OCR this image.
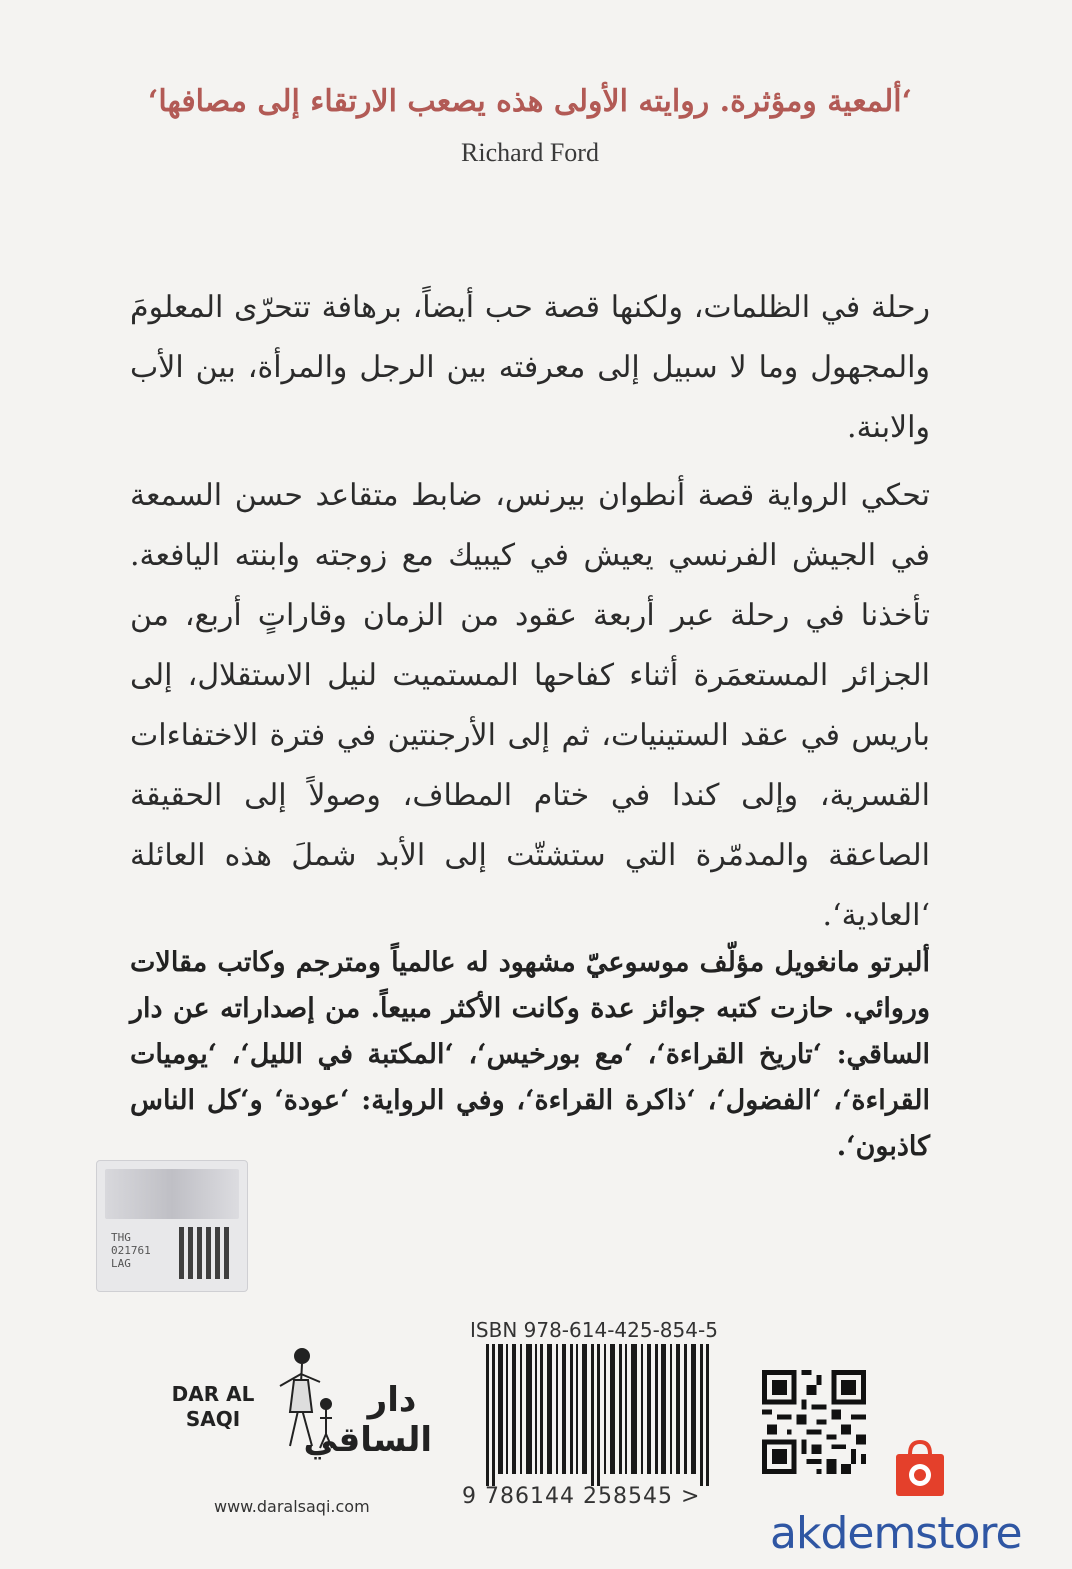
‘ألمعية ومؤثرة. روايته الأولى هذه يصعب الارتقاء إلى مصافها‘
Richard Ford
رحلة في الظلمات، ولكنها قصة حب أيضاً، برهافة تتحرّى المعلومَ والمجهول وما لا سبيل إلى معرفته بين الرجل والمرأة، بين الأب والابنة.
تحكي الرواية قصة أنطوان بيرنس، ضابط متقاعد حسن السمعة في الجيش الفرنسي يعيش في كيبيك مع زوجته وابنته اليافعة. تأخذنا في رحلة عبر أربعة عقود من الزمان وقاراتٍ أربع، من الجزائر المستعمَرة أثناء كفاحها المستميت لنيل الاستقلال، إلى باريس في عقد الستينيات، ثم إلى الأرجنتين في فترة الاختفاءات القسرية، وإلى كندا في ختام المطاف، وصولاً إلى الحقيقة الصاعقة والمدمّرة التي ستشتّت إلى الأبد شملَ هذه العائلة ‘العادية‘.
ألبرتو مانغويل مؤلّف موسوعيّ مشهود له عالمياً ومترجم وكاتب مقالات وروائي. حازت كتبه جوائز عدة وكانت الأكثر مبيعاً. من إصداراته عن دار الساقي: ‘تاريخ القراءة‘، ‘مع بورخيس‘، ‘المكتبة في الليل‘، ‘يوميات القراءة‘، ‘الفضول‘، ‘ذاكرة القراءة‘، وفي الرواية: ‘عودة‘ و‘كل الناس كاذبون‘.
THG 021761 LAG
DAR AL SAQI	دار الساقي
www.daralsaqi.com
ISBN 978-614-425-854-5
9 786144 258545 >
akdemstore
